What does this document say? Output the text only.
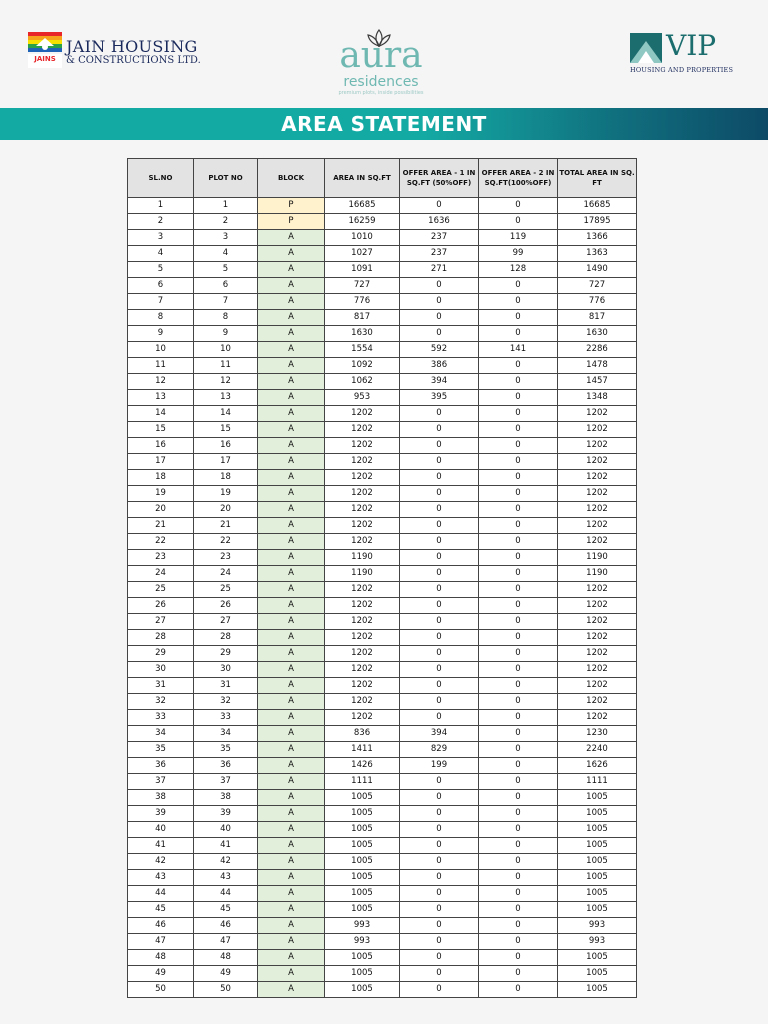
JAINS
JAIN HOUSING
& CONSTRUCTIONS LTD.	aura
residences
premium plots, inside possibilities
VIP
HOUSING AND PROPERTIES
AREA STATEMENT
SL.NO	PLOT NO	BLOCK	AREA IN SQ.FT	OFFER AREA - 1 IN SQ.FT (50%OFF)	OFFER AREA - 2 IN SQ.FT(100%OFF)	TOTAL AREA IN SQ. FT
1	1	P	16685	0	0	16685
2	2	P	16259	1636	0	17895
3	3	A	1010	237	119	1366
4	4	A	1027	237	99	1363
5	5	A	1091	271	128	1490
6	6	A	727	0	0	727
7	7	A	776	0	0	776
8	8	A	817	0	0	817
9	9	A	1630	0	0	1630
10	10	A	1554	592	141	2286
11	11	A	1092	386	0	1478
12	12	A	1062	394	0	1457
13	13	A	953	395	0	1348
14	14	A	1202	0	0	1202
15	15	A	1202	0	0	1202
16	16	A	1202	0	0	1202
17	17	A	1202	0	0	1202
18	18	A	1202	0	0	1202
19	19	A	1202	0	0	1202
20	20	A	1202	0	0	1202
21	21	A	1202	0	0	1202
22	22	A	1202	0	0	1202
23	23	A	1190	0	0	1190
24	24	A	1190	0	0	1190
25	25	A	1202	0	0	1202
26	26	A	1202	0	0	1202
27	27	A	1202	0	0	1202
28	28	A	1202	0	0	1202
29	29	A	1202	0	0	1202
30	30	A	1202	0	0	1202
31	31	A	1202	0	0	1202
32	32	A	1202	0	0	1202
33	33	A	1202	0	0	1202
34	34	A	836	394	0	1230
35	35	A	1411	829	0	2240
36	36	A	1426	199	0	1626
37	37	A	1111	0	0	1111
38	38	A	1005	0	0	1005
39	39	A	1005	0	0	1005
40	40	A	1005	0	0	1005
41	41	A	1005	0	0	1005
42	42	A	1005	0	0	1005
43	43	A	1005	0	0	1005
44	44	A	1005	0	0	1005
45	45	A	1005	0	0	1005
46	46	A	993	0	0	993
47	47	A	993	0	0	993
48	48	A	1005	0	0	1005
49	49	A	1005	0	0	1005
50	50	A	1005	0	0	1005
